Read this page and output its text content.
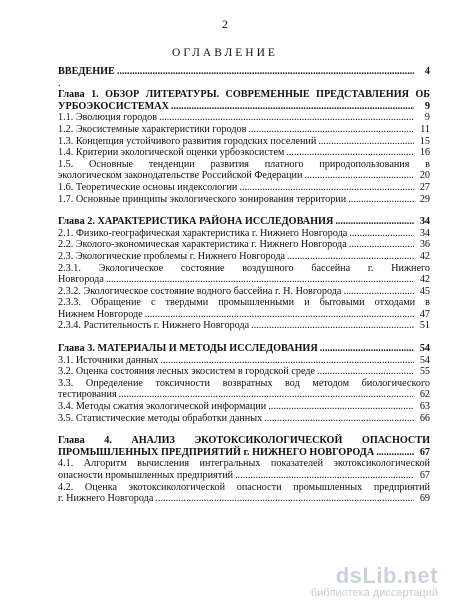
2
ОГЛАВЛЕНИЕ
ВВЕДЕНИЕ .....	4
.
Глава 1. ОБЗОР ЛИТЕРАТУРЫ. СОВРЕМЕННЫЕ ПРЕДСТАВЛЕНИЯ ОБ
УРБОЭКОСИСТЕМАХ .....	9
1.1. Эволюция городов .....	9
1.2. Экосистемные характеристики городов .....	11
1.3. Концепция устойчивого развития городских поселений .....	15
1.4. Критерии экологической оценки урбоэкосистем .....	16
1.5. Основные тенденции развития платного природопользования в
экологическом законодательстве Российской Федерации .....	20
1.6. Теоретические основы индексологии .....	27
1.7. Основные принципы экологического зонирования территории .....	29
Глава 2. ХАРАКТЕРИСТИКА РАЙОНА ИССЛЕДОВАНИЯ .....	34
2.1. Физико-географическая характеристика г. Нижнего Новгорода .....	34
2.2. Эколого-экономическая характеристика г. Нижнего Новгорода .....	36
2.3. Экологические проблемы г. Нижнего Новгорода .....	42
2.3.1. Экологическое состояние воздушного бассейна г. Нижнего
Новгорода .....	42
2.3.2. Экологическое состояние водного бассейна г. Н. Новгорода .....	45
2.3.3. Обращение с твердыми промышленными и бытовыми отходами в
Нижнем Новгороде .....	47
2.3.4. Растительность г. Нижнего Новгорода .....	51
Глава 3. МАТЕРИАЛЫ И МЕТОДЫ ИССЛЕДОВАНИЯ .....	54
3.1. Источники данных .....	54
3.2. Оценка состояния лесных экосистем в городской среде .....	55
3.3. Определение токсичности возвратных вод методом биологического
тестирования .....	62
3.4. Методы сжатия экологической информации .....	63
3.5. Статистические методы обработки данных .....	66
Глава 4. АНАЛИЗ ЭКОТОКСИКОЛОГИЧЕСКОЙ ОПАСНОСТИ
ПРОМЫШЛЕННЫХ ПРЕДПРИЯТИЙ г. НИЖНЕГО НОВГОРОДА .....	67
4.1. Алгоритм вычисления интегральных показателей экотоксикологической
опасности промышленных предприятий .....	67
4.2. Оценка экотоксикологической опасности промышленных предприятий
г. Нижнего Новгорода .....	69
dsLib.net
библиотека диссертаций
